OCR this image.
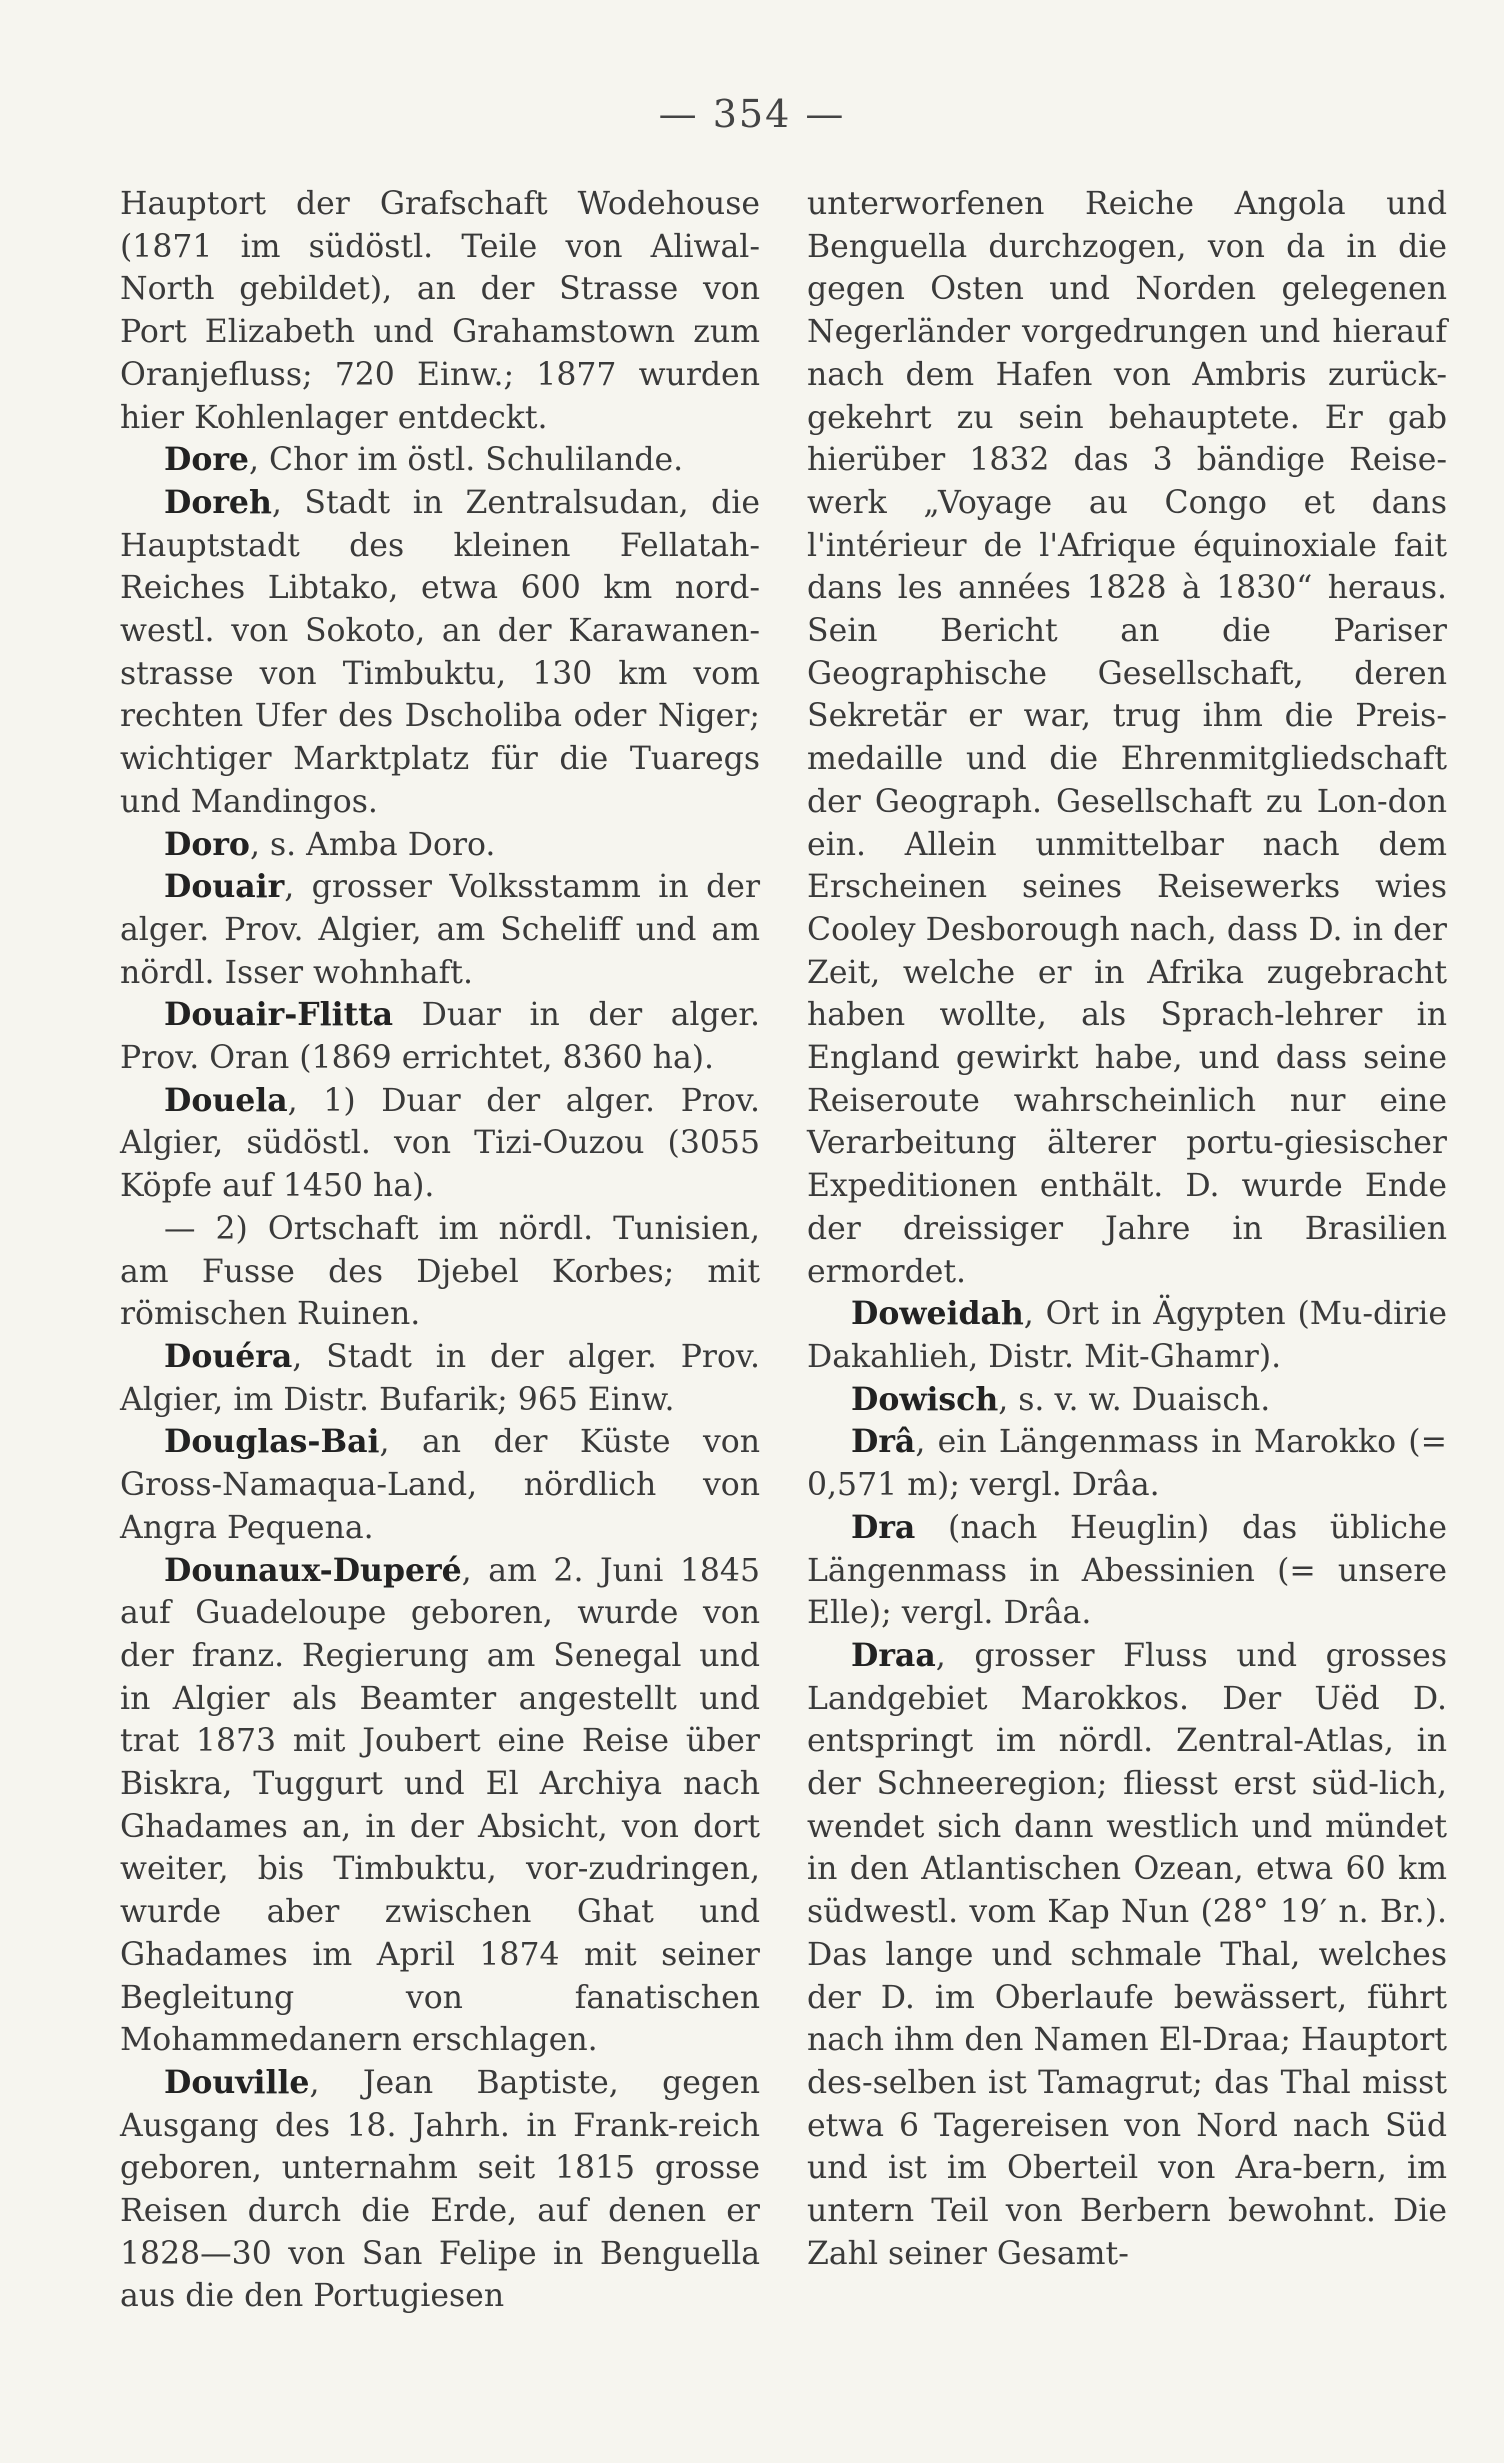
— 354 —

Hauptort der Grafschaft Wodehouse (1871 im südöstl. Teile von Aliwal-North gebildet), an der Strasse von Port Elizabeth und Grahamstown zum Oranjefluss; 720 Einw.; 1877 wurden hier Kohlenlager entdeckt.

Dore, Chor im östl. Schulilande.

Doreh, Stadt in Zentralsudan, die Hauptstadt des kleinen Fellatah-Reiches Libtako, etwa 600 km nord-westl. von Sokoto, an der Karawanen-strasse von Timbuktu, 130 km vom rechten Ufer des Dscholiba oder Niger; wichtiger Marktplatz für die Tuaregs und Mandingos.

Doro, s. Amba Doro.

Douair, grosser Volksstamm in der alger. Prov. Algier, am Scheliff und am nördl. Isser wohnhaft.

Douair-Flitta Duar in der alger. Prov. Oran (1869 errichtet, 8360 ha).

Douela, 1) Duar der alger. Prov. Algier, südöstl. von Tizi-Ouzou (3055 Köpfe auf 1450 ha).

— 2) Ortschaft im nördl. Tunisien, am Fusse des Djebel Korbes; mit römischen Ruinen.

Douéra, Stadt in der alger. Prov. Algier, im Distr. Bufarik; 965 Einw.

Douglas-Bai, an der Küste von Gross-Namaqua-Land, nördlich von Angra Pequena.

Dounaux-Duperé, am 2. Juni 1845 auf Guadeloupe geboren, wurde von der franz. Regierung am Senegal und in Algier als Beamter angestellt und trat 1873 mit Joubert eine Reise über Biskra, Tuggurt und El Archiya nach Ghadames an, in der Absicht, von dort weiter, bis Timbuktu, vor-zudringen, wurde aber zwischen Ghat und Ghadames im April 1874 mit seiner Begleitung von fanatischen Mohammedanern erschlagen.

Douville, Jean Baptiste, gegen Ausgang des 18. Jahrh. in Frank-reich geboren, unternahm seit 1815 grosse Reisen durch die Erde, auf denen er 1828—30 von San Felipe in Benguella aus die den Portugiesen

unterworfenen Reiche Angola und Benguella durchzogen, von da in die gegen Osten und Norden gelegenen Negerländer vorgedrungen und hierauf nach dem Hafen von Ambris zurück-gekehrt zu sein behauptete. Er gab hierüber 1832 das 3 bändige Reise-werk „Voyage au Congo et dans l'intérieur de l'Afrique équinoxiale fait dans les années 1828 à 1830“ heraus. Sein Bericht an die Pariser Geographische Gesellschaft, deren Sekretär er war, trug ihm die Preis-medaille und die Ehrenmitgliedschaft der Geograph. Gesellschaft zu Lon-don ein. Allein unmittelbar nach dem Erscheinen seines Reisewerks wies Cooley Desborough nach, dass D. in der Zeit, welche er in Afrika zugebracht haben wollte, als Sprach-lehrer in England gewirkt habe, und dass seine Reiseroute wahrscheinlich nur eine Verarbeitung älterer portu-giesischer Expeditionen enthält. D. wurde Ende der dreissiger Jahre in Brasilien ermordet.

Doweidah, Ort in Ägypten (Mu-dirie Dakahlieh, Distr. Mit-Ghamr).

Dowisch, s. v. w. Duaisch.

Drâ, ein Längenmass in Marokko (= 0,571 m); vergl. Drâa.

Dra (nach Heuglin) das übliche Längenmass in Abessinien (= unsere Elle); vergl. Drâa.

Draa, grosser Fluss und grosses Landgebiet Marokkos. Der Uëd D. entspringt im nördl. Zentral-Atlas, in der Schneeregion; fliesst erst süd-lich, wendet sich dann westlich und mündet in den Atlantischen Ozean, etwa 60 km südwestl. vom Kap Nun (28° 19′ n. Br.). Das lange und schmale Thal, welches der D. im Oberlaufe bewässert, führt nach ihm den Namen El-Draa; Hauptort des-selben ist Tamagrut; das Thal misst etwa 6 Tagereisen von Nord nach Süd und ist im Oberteil von Ara-bern, im untern Teil von Berbern bewohnt. Die Zahl seiner Gesamt-
